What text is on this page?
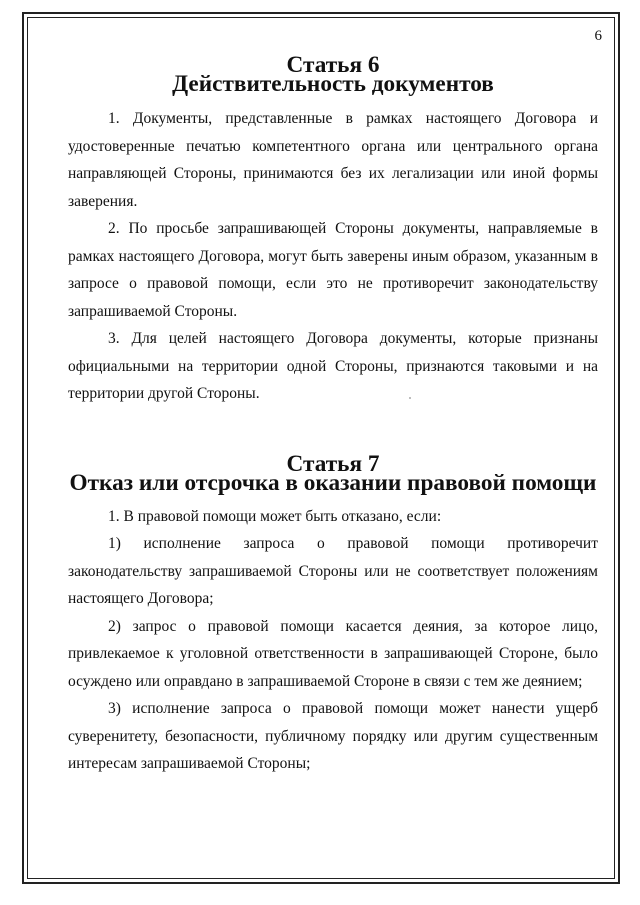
6
Статья 6
Действительность документов

1. Документы, представленные в рамках настоящего Договора и удостоверенные печатью компетентного органа или центрального органа направляющей Стороны, принимаются без их легализации или иной формы заверения.

2. По просьбе запрашивающей Стороны документы, направляемые в рамках настоящего Договора, могут быть заверены иным образом, указанным в запросе о правовой помощи, если это не противоречит законодательству запрашиваемой Стороны.

3. Для целей настоящего Договора документы, которые признаны официальными на территории одной Стороны, признаются таковыми и на территории другой Стороны.

Статья 7
Отказ или отсрочка в оказании правовой помощи

1. В правовой помощи может быть отказано, если:

1) исполнение запроса о правовой помощи противоречит законодательству запрашиваемой Стороны или не соответствует положениям настоящего Договора;

2) запрос о правовой помощи касается деяния, за которое лицо, привлекаемое к уголовной ответственности в запрашивающей Стороне, было осуждено или оправдано в запрашиваемой Стороне в связи с тем же деянием;

3) исполнение запроса о правовой помощи может нанести ущерб суверенитету, безопасности, публичному порядку или другим существенным интересам запрашиваемой Стороны;
